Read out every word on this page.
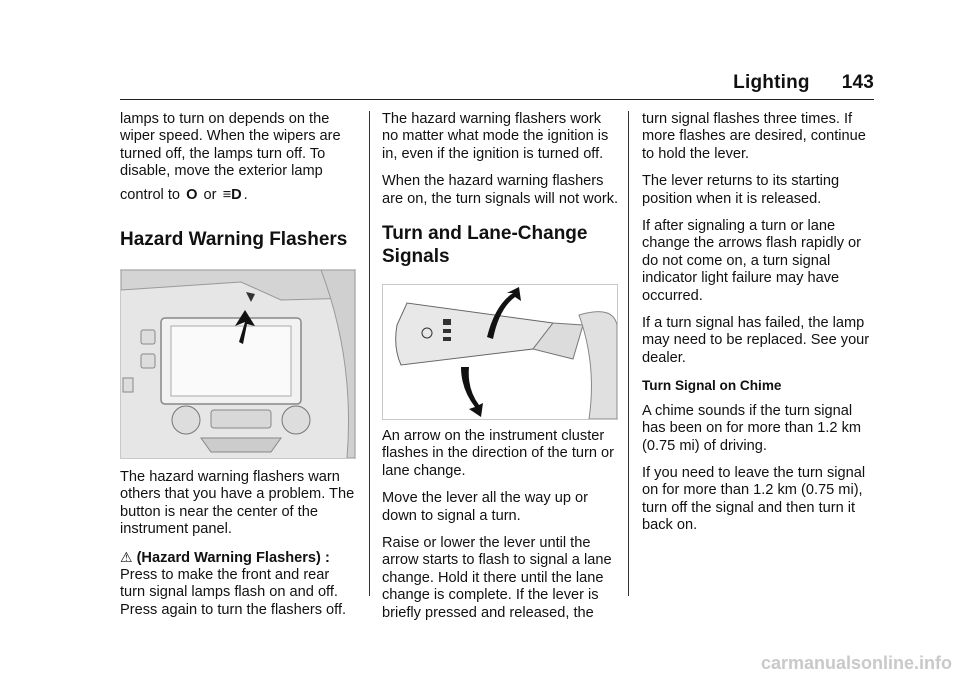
Lighting 143

lamps to turn on depends on the wiper speed. When the wipers are turned off, the lamps turn off. To disable, move the exterior lamp

control to O or ≡D .

Hazard Warning Flashers

The hazard warning flashers warn others that you have a problem. The button is near the center of the instrument panel.

⚠ (Hazard Warning Flashers) :
Press to make the front and rear turn signal lamps flash on and off. Press again to turn the flashers off.

The hazard warning flashers work no matter what mode the ignition is in, even if the ignition is turned off.

When the hazard warning flashers are on, the turn signals will not work.

Turn and Lane-Change Signals

An arrow on the instrument cluster flashes in the direction of the turn or lane change.

Move the lever all the way up or down to signal a turn.

Raise or lower the lever until the arrow starts to flash to signal a lane change. Hold it there until the lane change is complete. If the lever is briefly pressed and released, the

turn signal flashes three times. If more flashes are desired, continue to hold the lever.

The lever returns to its starting position when it is released.

If after signaling a turn or lane change the arrows flash rapidly or do not come on, a turn signal indicator light failure may have occurred.

If a turn signal has failed, the lamp may need to be replaced. See your dealer.

Turn Signal on Chime

A chime sounds if the turn signal has been on for more than 1.2 km (0.75 mi) of driving.

If you need to leave the turn signal on for more than 1.2 km (0.75 mi), turn off the signal and then turn it back on.

carmanualsonline.info
